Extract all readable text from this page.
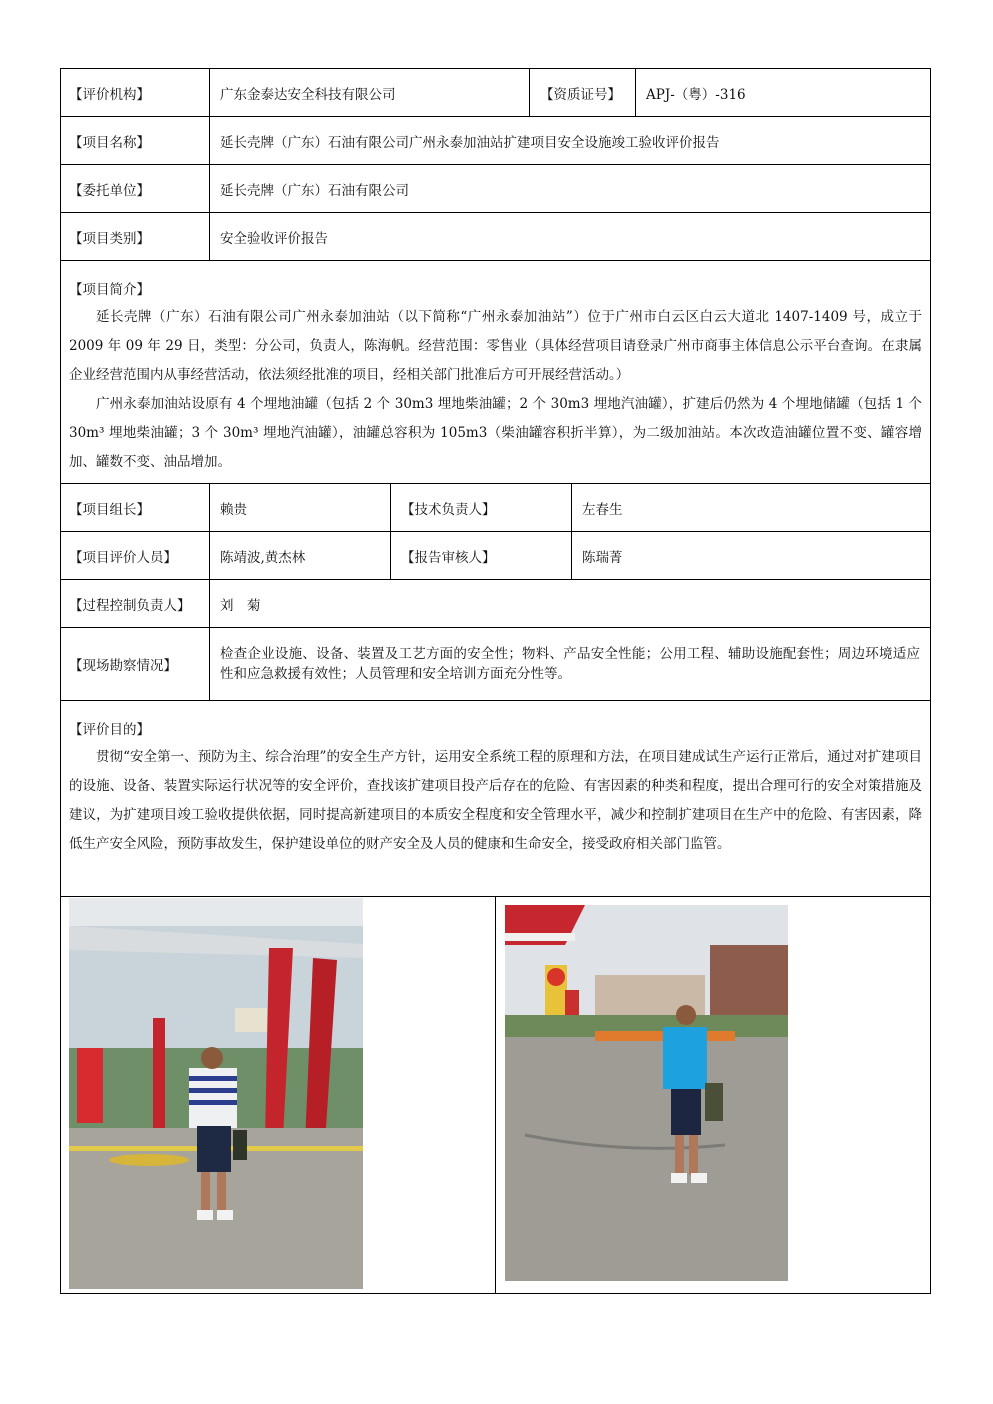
【评价机构】	广东金泰达安全科技有限公司	【资质证号】	APJ-（粤）-316
【项目名称】	延长壳牌（广东）石油有限公司广州永泰加油站扩建项目安全设施竣工验收评价报告
【委托单位】	延长壳牌（广东）石油有限公司
【项目类别】	安全验收评价报告
【项目简介】
延长壳牌（广东）石油有限公司广州永泰加油站（以下简称“广州永泰加油站”）位于广州市白云区白云大道北 1407-1409 号，成立于 2009 年 09 年 29 日，类型：分公司，负责人，陈海帆。经营范围：零售业（具体经营项目请登录广州市商事主体信息公示平台查询。在隶属企业经营范围内从事经营活动，依法须经批准的项目，经相关部门批准后方可开展经营活动。）
广州永泰加油站设原有 4 个埋地油罐（包括 2 个 30m3 埋地柴油罐；2 个 30m3 埋地汽油罐），扩建后仍然为 4 个埋地储罐（包括 1 个 30m³ 埋地柴油罐；3 个 30m³ 埋地汽油罐），油罐总容积为 105m3（柴油罐容积折半算），为二级加油站。本次改造油罐位置不变、罐容增加、罐数不变、油品增加。
【项目组长】	赖贵	【技术负责人】	左春生
【项目评价人员】	陈靖波,黄杰林	【报告审核人】	陈瑞菁
【过程控制负责人】	刘　菊
【现场勘察情况】
检查企业设施、设备、装置及工艺方面的安全性；物料、产品安全性能；公用工程、辅助设施配套性；周边环境适应性和应急救援有效性；人员管理和安全培训方面充分性等。
【评价目的】
贯彻“安全第一、预防为主、综合治理”的安全生产方针，运用安全系统工程的原理和方法，在项目建成试生产运行正常后，通过对扩建项目的设施、设备、装置实际运行状况等的安全评价，查找该扩建项目投产后存在的危险、有害因素的种类和程度，提出合理可行的安全对策措施及建议，为扩建项目竣工验收提供依据，同时提高新建项目的本质安全程度和安全管理水平，减少和控制扩建项目在生产中的危险、有害因素，降低生产安全风险，预防事故发生，保护建设单位的财产安全及人员的健康和生命安全，接受政府相关部门监管。
